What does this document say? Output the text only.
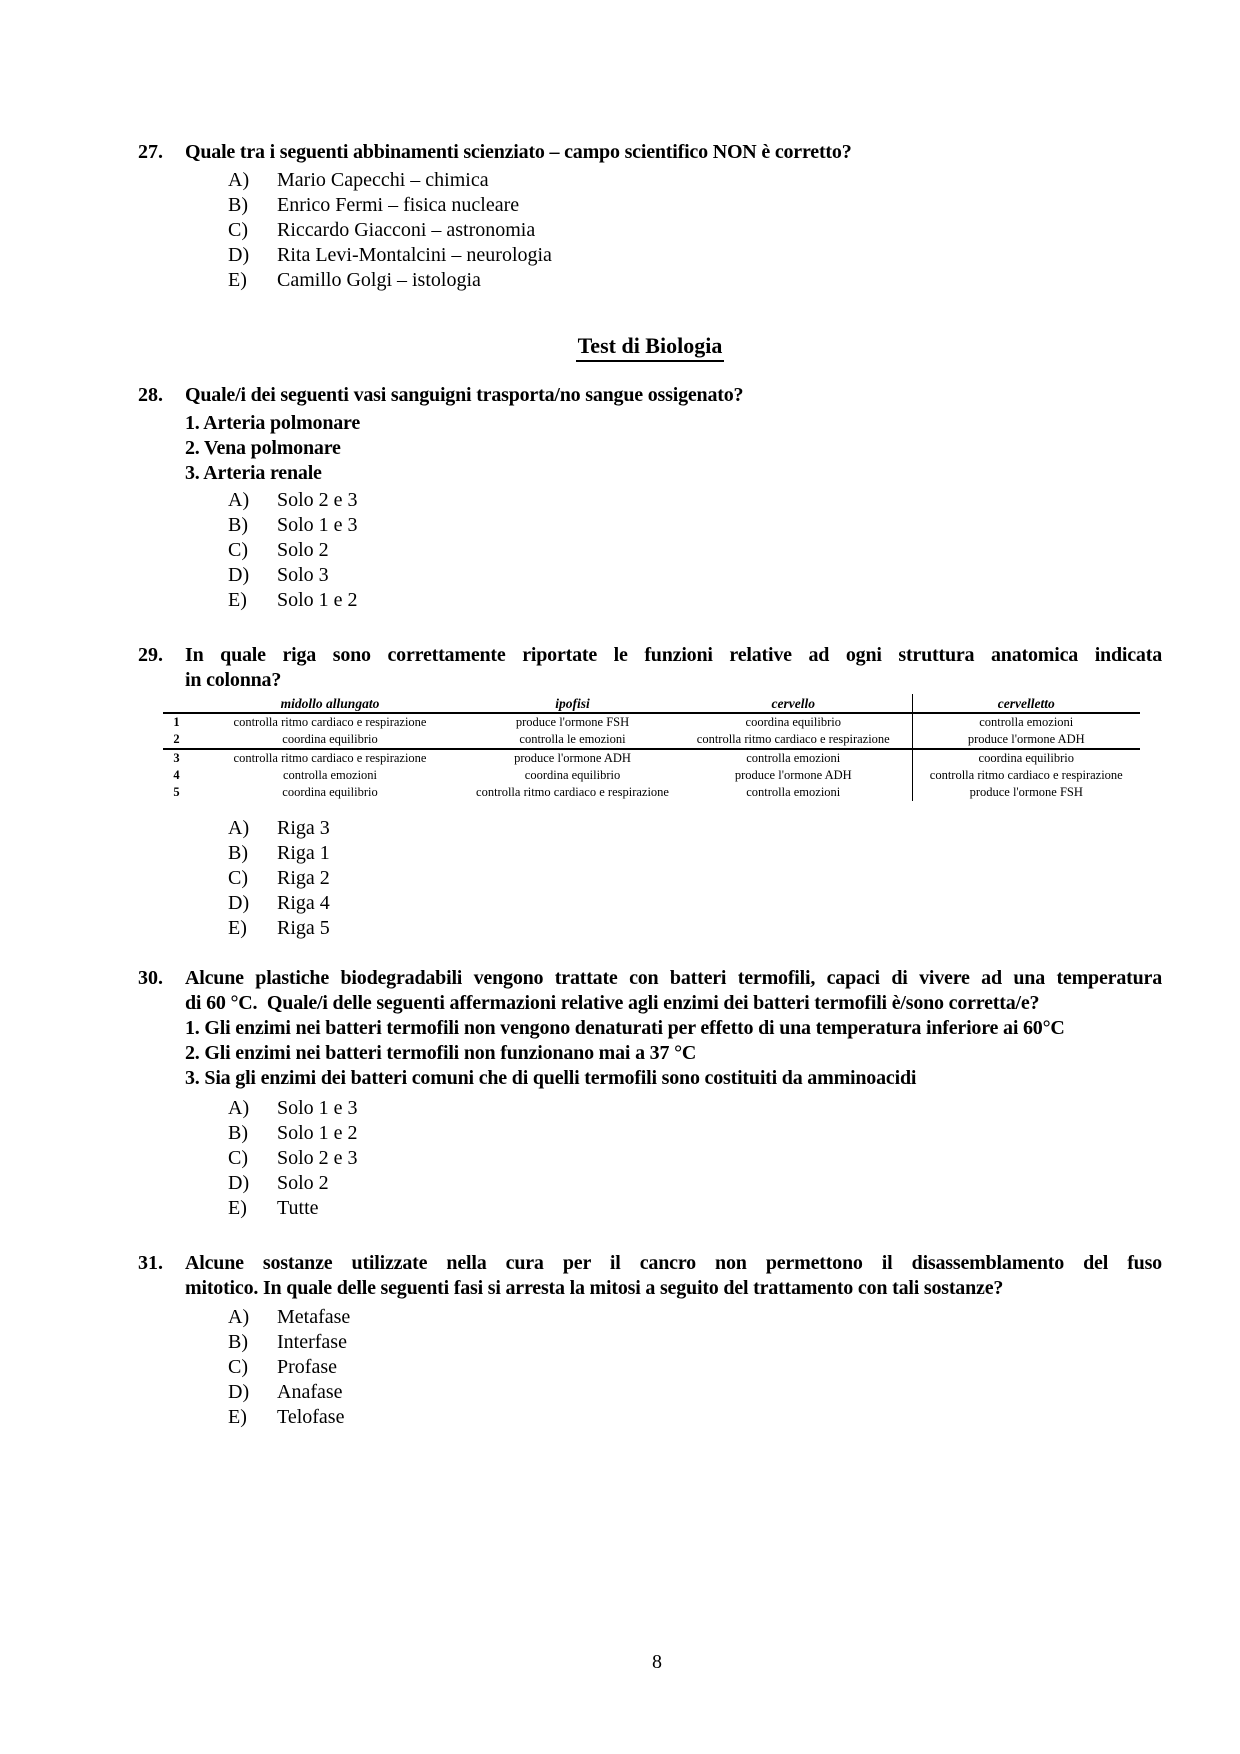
27.	Quale tra i seguenti abbinamenti scienziato – campo scientifico NON è corretto?
A)	Mario Capecchi – chimica
B)	Enrico Fermi – fisica nucleare
C)	Riccardo Giacconi – astronomia
D)	Rita Levi-Montalcini – neurologia
E)	Camillo Golgi – istologia
Test di Biologia
28.	Quale/i dei seguenti vasi sanguigni trasporta/no sangue ossigenato?
1. Arteria polmonare
2. Vena polmonare
3. Arteria renale
A)	Solo 2 e 3
B)	Solo 1 e 3
C)	Solo 2
D)	Solo 3
E)	Solo 1 e 2
29.	In quale riga sono correttamente riportate le funzioni relative ad ogni struttura anatomica indicata
in colonna?
	midollo allungato	ipofisi	cervello	cervelletto
1	controlla ritmo cardiaco e respirazione	produce l'ormone FSH	coordina equilibrio	controlla emozioni
2	coordina equilibrio	controlla le emozioni	controlla ritmo cardiaco e respirazione	produce l'ormone ADH
3	controlla ritmo cardiaco e respirazione	produce l'ormone ADH	controlla emozioni	coordina equilibrio
4	controlla emozioni	coordina equilibrio	produce l'ormone ADH	controlla ritmo cardiaco e respirazione
5	coordina equilibrio	controlla ritmo cardiaco e respirazione	controlla emozioni	produce l'ormone FSH
A)	Riga 3
B)	Riga 1
C)	Riga 2
D)	Riga 4
E)	Riga 5
30.	Alcune plastiche biodegradabili vengono trattate con batteri termofili, capaci di vivere ad una temperatura
di 60 °C.  Quale/i delle seguenti affermazioni relative agli enzimi dei batteri termofili è/sono corretta/e?
1. Gli enzimi nei batteri termofili non vengono denaturati per effetto di una temperatura inferiore ai 60°C
2. Gli enzimi nei batteri termofili non funzionano mai a 37 °C
3. Sia gli enzimi dei batteri comuni che di quelli termofili sono costituiti da amminoacidi
A)	Solo 1 e 3
B)	Solo 1 e 2
C)	Solo 2 e 3
D)	Solo 2
E)	Tutte
31.	Alcune sostanze utilizzate nella cura per il cancro non permettono il disassemblamento del fuso
mitotico. In quale delle seguenti fasi si arresta la mitosi a seguito del trattamento con tali sostanze?
A)	Metafase
B)	Interfase
C)	Profase
D)	Anafase
E)	Telofase
8
